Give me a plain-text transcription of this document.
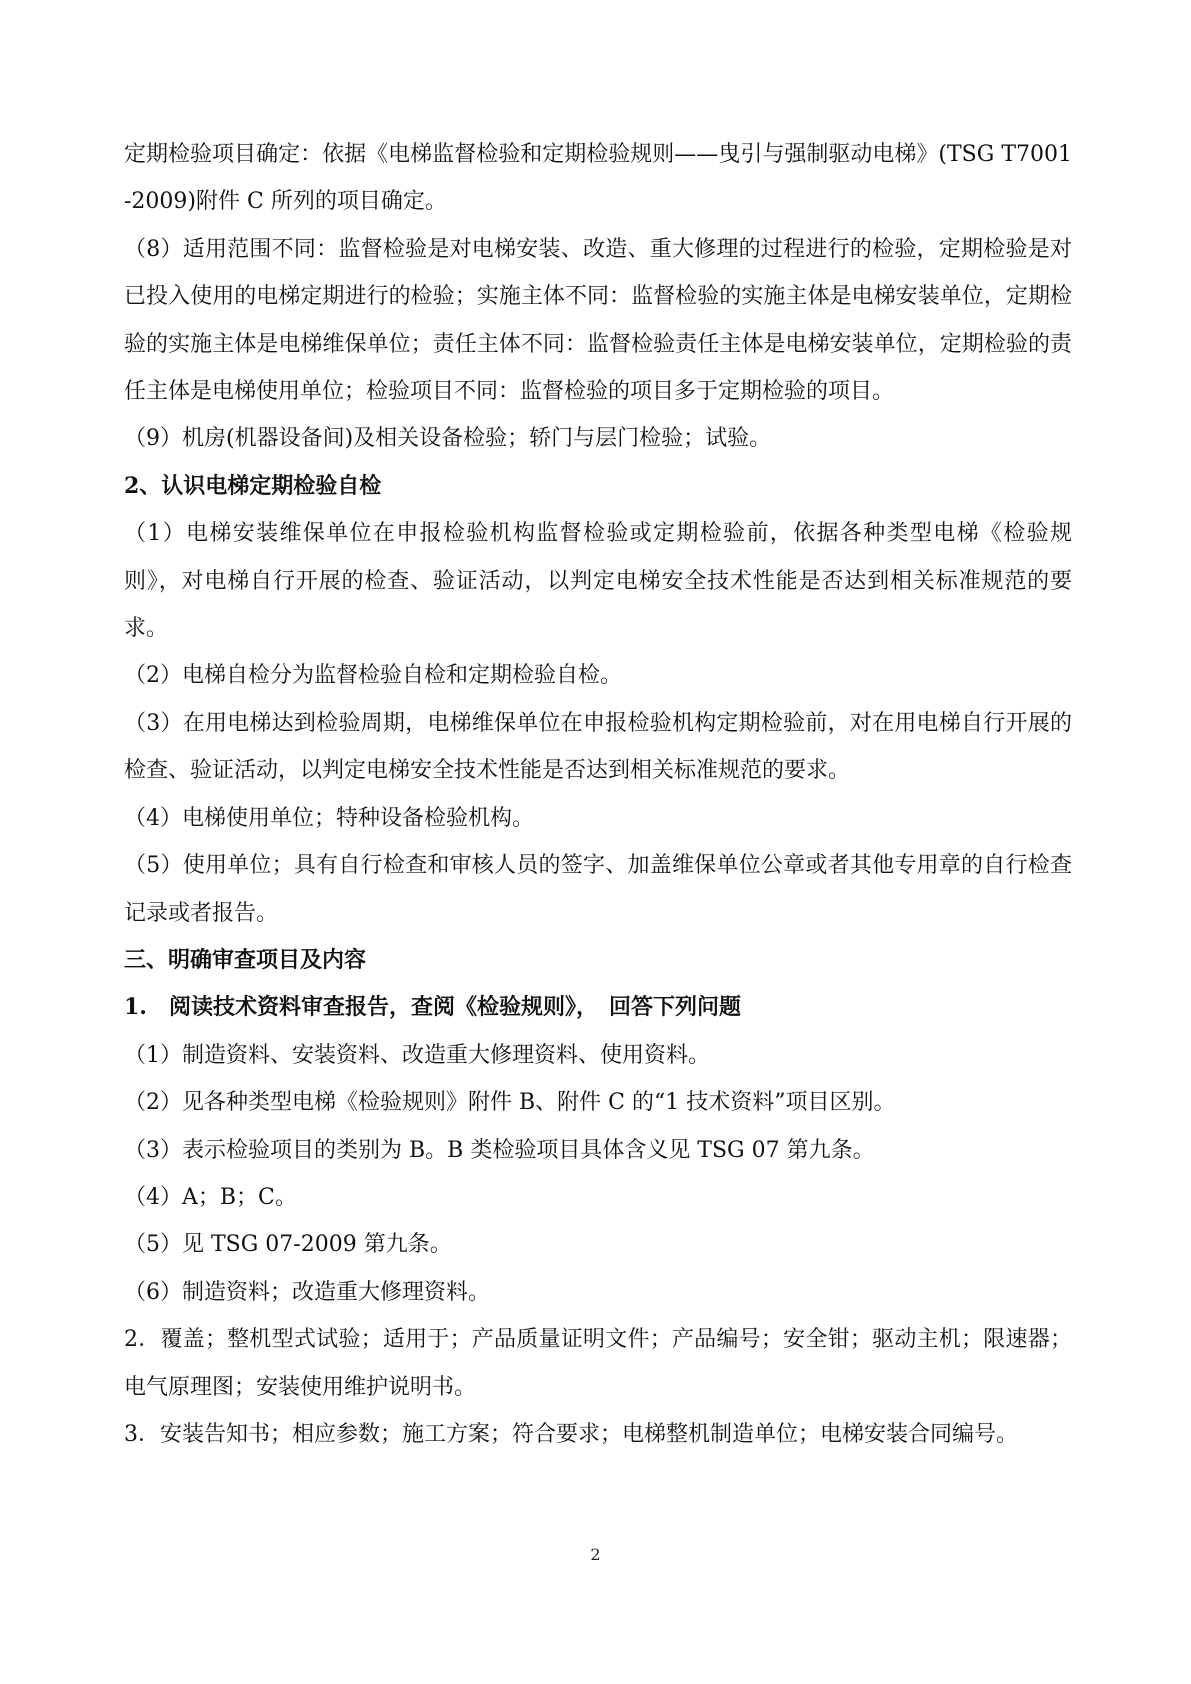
定期检验项目确定：依据《电梯监督检验和定期检验规则——曳引与强制驱动电梯》(TSG T7001-2009)附件 C 所列的项目确定。

（8）适用范围不同：监督检验是对电梯安装、改造、重大修理的过程进行的检验，定期检验是对已投入使用的电梯定期进行的检验；实施主体不同：监督检验的实施主体是电梯安装单位，定期检验的实施主体是电梯维保单位；责任主体不同：监督检验责任主体是电梯安装单位，定期检验的责任主体是电梯使用单位；检验项目不同：监督检验的项目多于定期检验的项目。

（9）机房(机器设备间)及相关设备检验；轿门与层门检验；试验。

2、认识电梯定期检验自检

（1）电梯安装维保单位在申报检验机构监督检验或定期检验前，依据各种类型电梯《检验规则》，对电梯自行开展的检查、验证活动，以判定电梯安全技术性能是否达到相关标准规范的要求。

（2）电梯自检分为监督检验自检和定期检验自检。

（3）在用电梯达到检验周期，电梯维保单位在申报检验机构定期检验前，对在用电梯自行开展的检查、验证活动，以判定电梯安全技术性能是否达到相关标准规范的要求。

（4）电梯使用单位；特种设备检验机构。

（5）使用单位；具有自行检查和审核人员的签字、加盖维保单位公章或者其他专用章的自行检查记录或者报告。

三、明确审查项目及内容

1.　阅读技术资料审查报告，查阅《检验规则》，　回答下列问题

（1）制造资料、安装资料、改造重大修理资料、使用资料。

（2）见各种类型电梯《检验规则》附件 B、附件 C 的“1 技术资料”项目区别。

（3）表示检验项目的类别为 B。B 类检验项目具体含义见 TSG 07 第九条。

（4）A；B；C。

（5）见 TSG 07-2009 第九条。

（6）制造资料；改造重大修理资料。

2．覆盖；整机型式试验；适用于；产品质量证明文件；产品编号；安全钳；驱动主机；限速器；电气原理图；安装使用维护说明书。

3．安装告知书；相应参数；施工方案；符合要求；电梯整机制造单位；电梯安装合同编号。

2
